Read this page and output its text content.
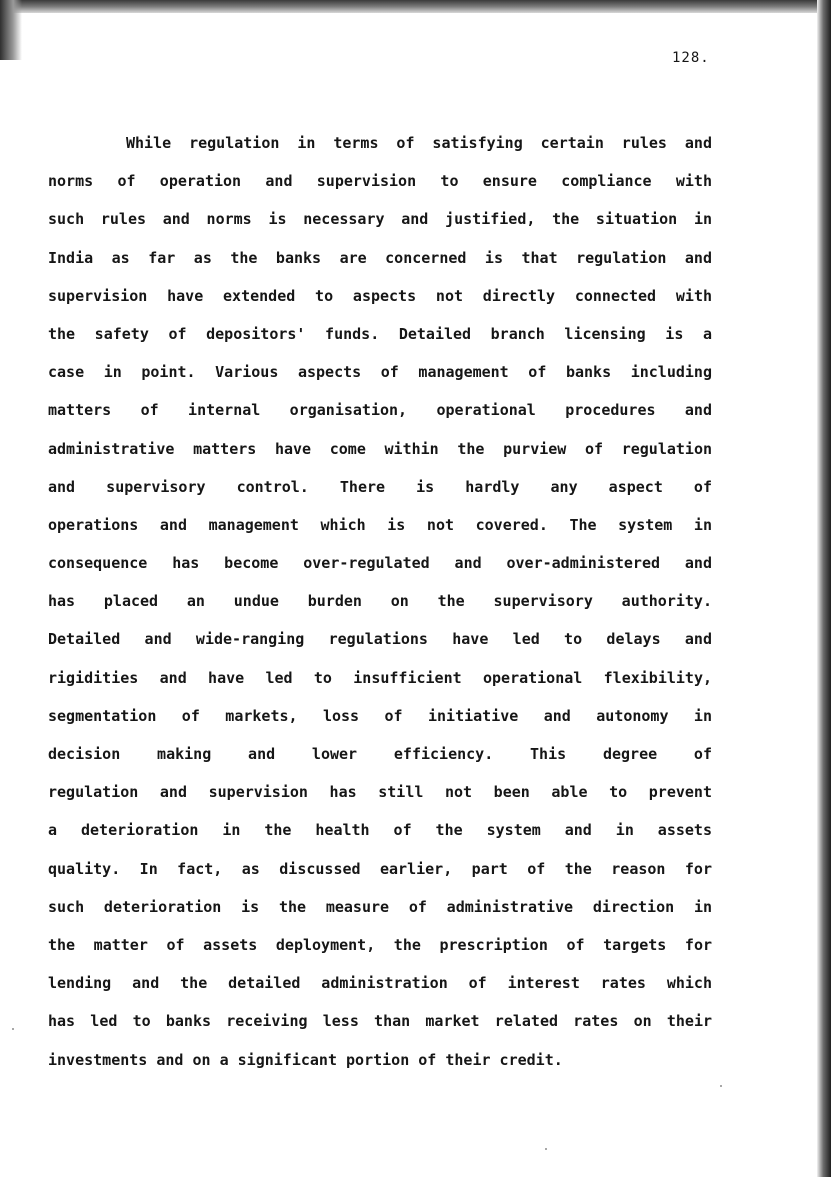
128.
While regulation in terms of satisfying certain rules and
norms of operation and supervision to ensure compliance with
such rules and norms is necessary and justified, the situation in
India as far as the banks are concerned is that regulation and
supervision have extended to aspects not directly connected with
the safety of depositors' funds. Detailed branch licensing is a
case in point. Various aspects of management of banks including
matters of internal organisation, operational procedures and
administrative matters have come within the purview of regulation
and supervisory control. There is hardly any aspect of
operations and management which is not covered. The system in
consequence has become over-regulated and over-administered and
has placed an undue burden on the supervisory authority.
Detailed and wide-ranging regulations have led to delays and
rigidities and have led to insufficient operational flexibility,
segmentation of markets, loss of initiative and autonomy in
decision making and lower efficiency. This degree of
regulation and supervision has still not been able to prevent
a deterioration in the health of the system and in assets
quality. In fact, as discussed earlier, part of the reason for
such deterioration is the measure of administrative direction in
the matter of assets deployment, the prescription of targets for
lending and the detailed administration of interest rates which
has led to banks receiving less than market related rates on their
investments and on a significant portion of their credit.
